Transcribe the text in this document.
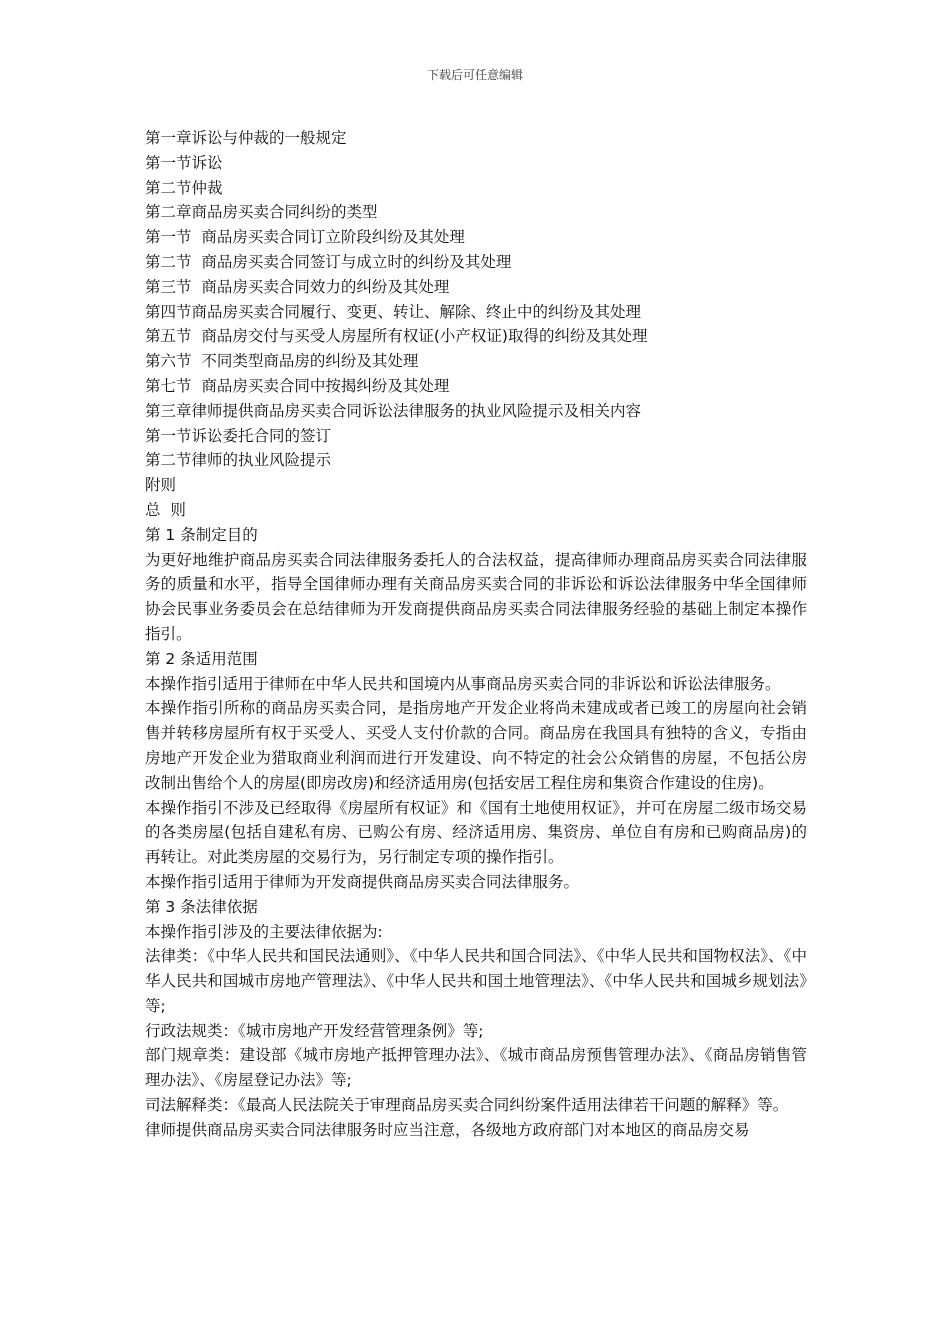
下载后可任意编辑

第一章诉讼与仲裁的一般规定

第一节诉讼

第二节仲裁

第二章商品房买卖合同纠纷的类型

第一节  商品房买卖合同订立阶段纠纷及其处理

第二节  商品房买卖合同签订与成立时的纠纷及其处理

第三节  商品房买卖合同效力的纠纷及其处理

第四节商品房买卖合同履行、变更、转让、解除、终止中的纠纷及其处理

第五节  商品房交付与买受人房屋所有权证(小产权证)取得的纠纷及其处理

第六节  不同类型商品房的纠纷及其处理

第七节  商品房买卖合同中按揭纠纷及其处理

第三章律师提供商品房买卖合同诉讼法律服务的执业风险提示及相关内容

第一节诉讼委托合同的签订

第二节律师的执业风险提示

附则

总  则

第 1 条制定目的

为更好地维护商品房买卖合同法律服务委托人的合法权益，提高律师办理商品房买卖合同法律服务的质量和水平，指导全国律师办理有关商品房买卖合同的非诉讼和诉讼法律服务中华全国律师协会民事业务委员会在总结律师为开发商提供商品房买卖合同法律服务经验的基础上制定本操作指引。

第 2 条适用范围

本操作指引适用于律师在中华人民共和国境内从事商品房买卖合同的非诉讼和诉讼法律服务。

本操作指引所称的商品房买卖合同，是指房地产开发企业将尚未建成或者已竣工的房屋向社会销售并转移房屋所有权于买受人、买受人支付价款的合同。商品房在我国具有独特的含义，专指由房地产开发企业为猎取商业利润而进行开发建设、向不特定的社会公众销售的房屋，不包括公房改制出售给个人的房屋(即房改房)和经济适用房(包括安居工程住房和集资合作建设的住房)。

本操作指引不涉及已经取得《房屋所有权证》和《国有土地使用权证》，并可在房屋二级市场交易的各类房屋(包括自建私有房、已购公有房、经济适用房、集资房、单位自有房和已购商品房)的再转让。对此类房屋的交易行为，另行制定专项的操作指引。

本操作指引适用于律师为开发商提供商品房买卖合同法律服务。

第 3 条法律依据

本操作指引涉及的主要法律依据为:

法律类：《中华人民共和国民法通则》、《中华人民共和国合同法》、《中华人民共和国物权法》、《中华人民共和国城市房地产管理法》、《中华人民共和国土地管理法》、《中华人民共和国城乡规划法》等;

行政法规类：《城市房地产开发经营管理条例》等;

部门规章类：建设部《城市房地产抵押管理办法》、《城市商品房预售管理办法》、《商品房销售管理办法》、《房屋登记办法》等;

司法解释类：《最高人民法院关于审理商品房买卖合同纠纷案件适用法律若干问题的解释》等。

律师提供商品房买卖合同法律服务时应当注意，各级地方政府部门对本地区的商品房交易
